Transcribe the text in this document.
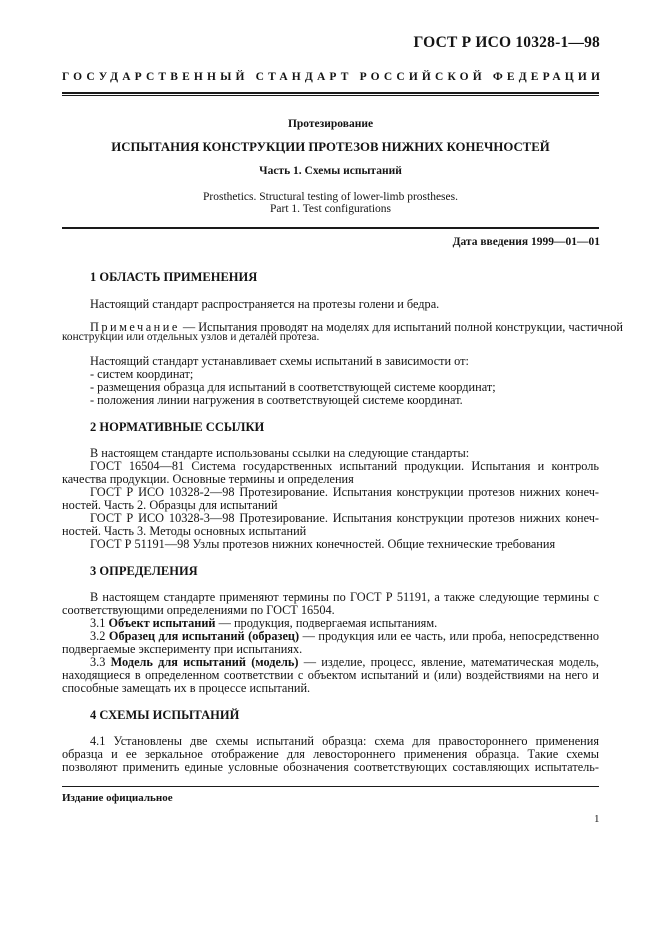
ГОСТ Р ИСО 10328-1—98
ГОСУДАРСТВЕННЫЙ СТАНДАРТ РОССИЙСКОЙ ФЕДЕРАЦИИ
Протезирование
ИСПЫТАНИЯ КОНСТРУКЦИИ ПРОТЕЗОВ НИЖНИХ КОНЕЧНОСТЕЙ
Часть 1. Схемы испытаний
Prosthetics. Structural testing of lower-limb prostheses.
Part 1. Test configurations
Дата введения 1999—01—01
1 ОБЛАСТЬ ПРИМЕНЕНИЯ
Настоящий стандарт распространяется на протезы голени и бедра.
Примечание — Испытания проводят на моделях для испытаний полной конструкции, частичной
конструкции или отдельных узлов и деталей протеза.
Настоящий стандарт устанавливает схемы испытаний в зависимости от:
- систем координат;
- размещения образца для испытаний в соответствующей системе координат;
- положения линии нагружения в соответствующей системе координат.
2 НОРМАТИВНЫЕ ССЫЛКИ
В настоящем стандарте использованы ссылки на следующие стандарты:
ГОСТ 16504—81 Система государственных испытаний продукции. Испытания и контроль
качества продукции. Основные термины и определения
ГОСТ Р ИСО 10328-2—98 Протезирование. Испытания конструкции протезов нижних конеч-
ностей. Часть 2. Образцы для испытаний
ГОСТ Р ИСО 10328-3—98 Протезирование. Испытания конструкции протезов нижних конеч-
ностей. Часть 3. Методы основных испытаний
ГОСТ Р 51191—98 Узлы протезов нижних конечностей. Общие технические требования
3 ОПРЕДЕЛЕНИЯ
В настоящем стандарте применяют термины по ГОСТ Р 51191, а также следующие термины с
соответствующими определениями по ГОСТ 16504.
3.1 Объект испытаний — продукция, подвергаемая испытаниям.
3.2 Образец для испытаний (образец) — продукция или ее часть, или проба, непосредственно
подвергаемые эксперименту при испытаниях.
3.3 Модель для испытаний (модель) — изделие, процесс, явление, математическая модель,
находящиеся в определенном соответствии с объектом испытаний и (или) воздействиями на него и
способные замещать их в процессе испытаний.
4 СХЕМЫ ИСПЫТАНИЙ
4.1 Установлены две схемы испытаний образца: схема для правостороннего применения
образца и ее зеркальное отображение для левостороннего применения образца. Такие схемы
позволяют применить единые условные обозначения соответствующих составляющих испытатель-
Издание официальное
1
